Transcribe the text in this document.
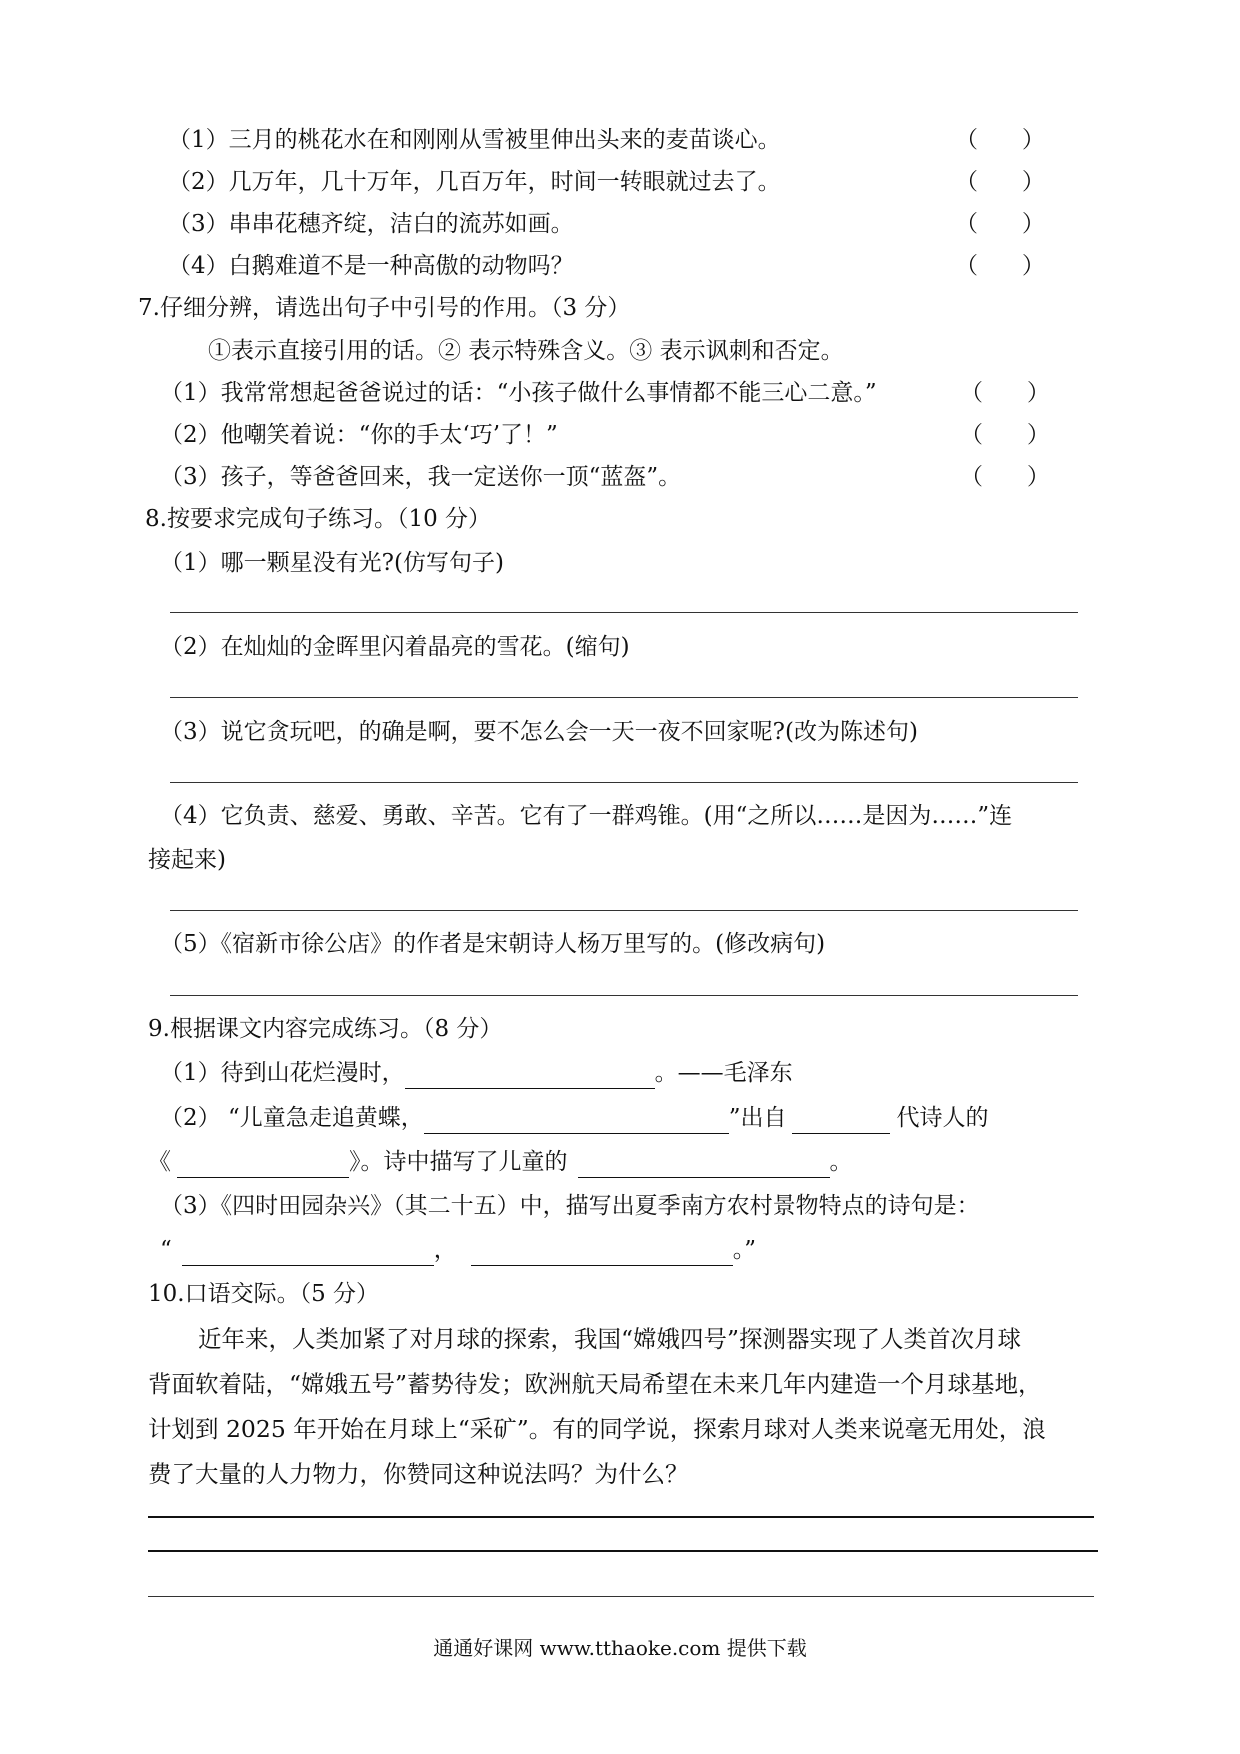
（1）三月的桃花水在和刚刚从雪被里伸出头来的麦苗谈心。	（      ）
（2）几万年，几十万年，几百万年，时间一转眼就过去了。	（      ）
（3）串串花穗齐绽，洁白的流苏如画。	（      ）
（4）白鹅难道不是一种高傲的动物吗？	（      ）
7.仔细分辨，请选出句子中引号的作用。（3 分）
①表示直接引用的话。② 表示特殊含义。③ 表示讽刺和否定。
（1）我常常想起爸爸说过的话：“小孩子做什么事情都不能三心二意。”	（      ）
（2）他嘲笑着说：“你的手太‘巧’了！”	（      ）
（3）孩子，等爸爸回来，我一定送你一顶“蓝盔”。	（      ）
8.按要求完成句子练习。（10 分）
（1）哪一颗星没有光?(仿写句子)
（2）在灿灿的金晖里闪着晶亮的雪花。(缩句)
（3）说它贪玩吧，的确是啊，要不怎么会一天一夜不回家呢?(改为陈述句)
（4）它负责、慈爱、勇敢、辛苦。它有了一群鸡锥。(用“之所以……是因为……”连
接起来)
（5）《宿新市徐公店》的作者是宋朝诗人杨万里写的。(修改病句)
9.根据课文内容完成练习。（8 分）
（1）待到山花烂漫时，	。——毛泽东
（2） “儿童急走追黄蝶，	”出自	代诗人的
《	》。诗中描写了儿童的	。
（3）《四时田园杂兴》（其二十五）中，描写出夏季南方农村景物特点的诗句是：
“	，	。”
10.口语交际。（5 分）
近年来，人类加紧了对月球的探索，我国“嫦娥四号”探测器实现了人类首次月球
背面软着陆，“嫦娥五号”蓄势待发；欧洲航天局希望在未来几年内建造一个月球基地，
计划到 2025 年开始在月球上“采矿”。有的同学说，探索月球对人类来说毫无用处，浪
费了大量的人力物力，你赞同这种说法吗？为什么？
通通好课网 www.tthaoke.com 提供下载
